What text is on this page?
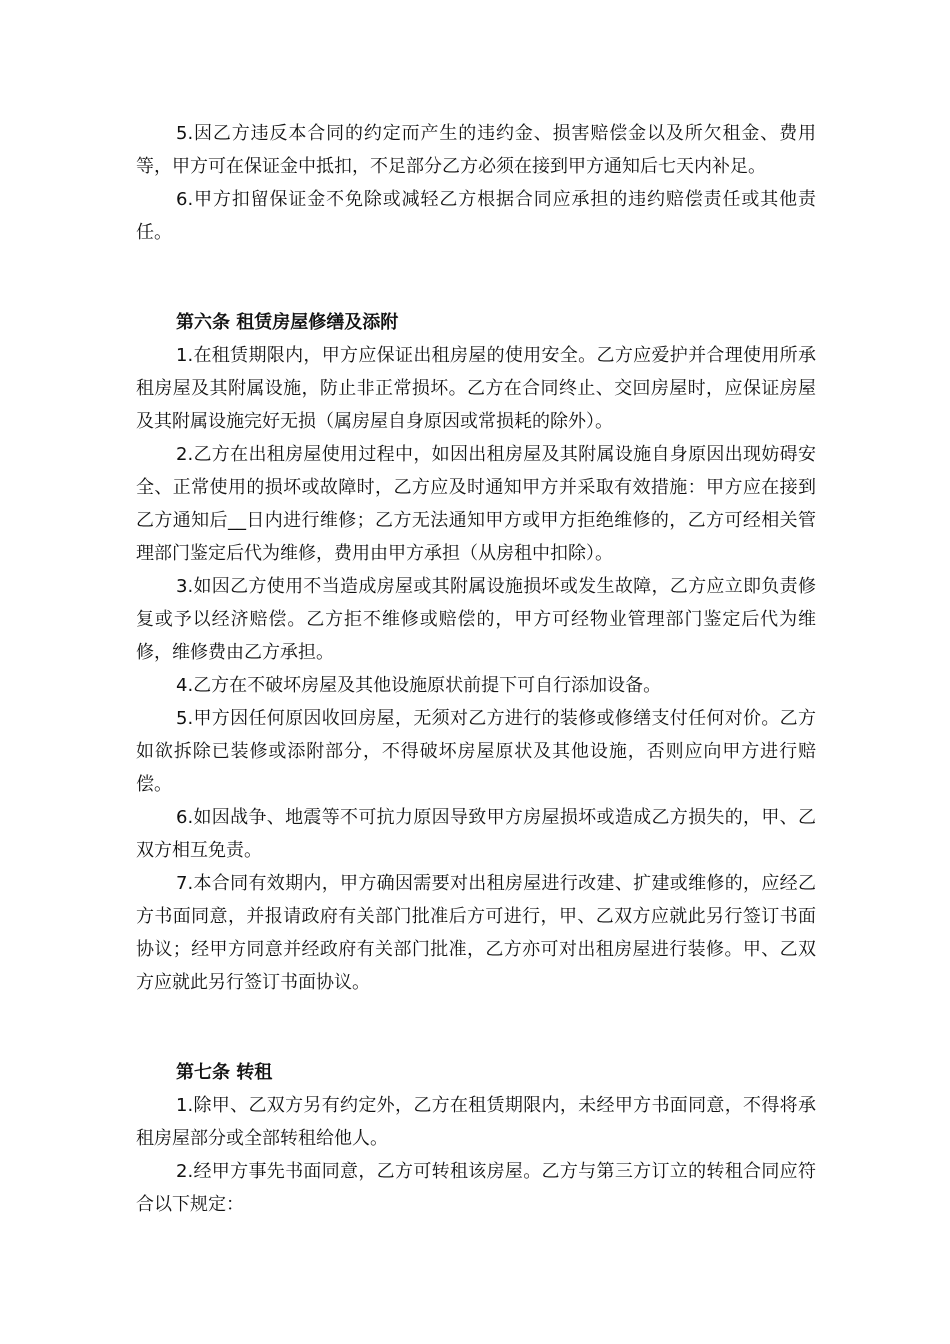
5.因乙方违反本合同的约定而产生的违约金、损害赔偿金以及所欠租金、费用等，甲方可在保证金中抵扣，不足部分乙方必须在接到甲方通知后七天内补足。

6.甲方扣留保证金不免除或减轻乙方根据合同应承担的违约赔偿责任或其他责任。

第六条 租赁房屋修缮及添附

1.在租赁期限内，甲方应保证出租房屋的使用安全。乙方应爱护并合理使用所承租房屋及其附属设施，防止非正常损坏。乙方在合同终止、交回房屋时，应保证房屋及其附属设施完好无损（属房屋自身原因或常损耗的除外）。

2.乙方在出租房屋使用过程中，如因出租房屋及其附属设施自身原因出现妨碍安全、正常使用的损坏或故障时，乙方应及时通知甲方并采取有效措施：甲方应在接到乙方通知后__日内进行维修；乙方无法通知甲方或甲方拒绝维修的，乙方可经相关管理部门鉴定后代为维修，费用由甲方承担（从房租中扣除）。

3.如因乙方使用不当造成房屋或其附属设施损坏或发生故障，乙方应立即负责修复或予以经济赔偿。乙方拒不维修或赔偿的，甲方可经物业管理部门鉴定后代为维修，维修费由乙方承担。

4.乙方在不破坏房屋及其他设施原状前提下可自行添加设备。

5.甲方因任何原因收回房屋，无须对乙方进行的装修或修缮支付任何对价。乙方如欲拆除已装修或添附部分，不得破坏房屋原状及其他设施，否则应向甲方进行赔偿。

6.如因战争、地震等不可抗力原因导致甲方房屋损坏或造成乙方损失的，甲、乙双方相互免责。

7.本合同有效期内，甲方确因需要对出租房屋进行改建、扩建或维修的，应经乙方书面同意，并报请政府有关部门批准后方可进行，甲、乙双方应就此另行签订书面协议；经甲方同意并经政府有关部门批准，乙方亦可对出租房屋进行装修。甲、乙双方应就此另行签订书面协议。

第七条 转租

1.除甲、乙双方另有约定外，乙方在租赁期限内，未经甲方书面同意，不得将承租房屋部分或全部转租给他人。

2.经甲方事先书面同意，乙方可转租该房屋。乙方与第三方订立的转租合同应符合以下规定：
